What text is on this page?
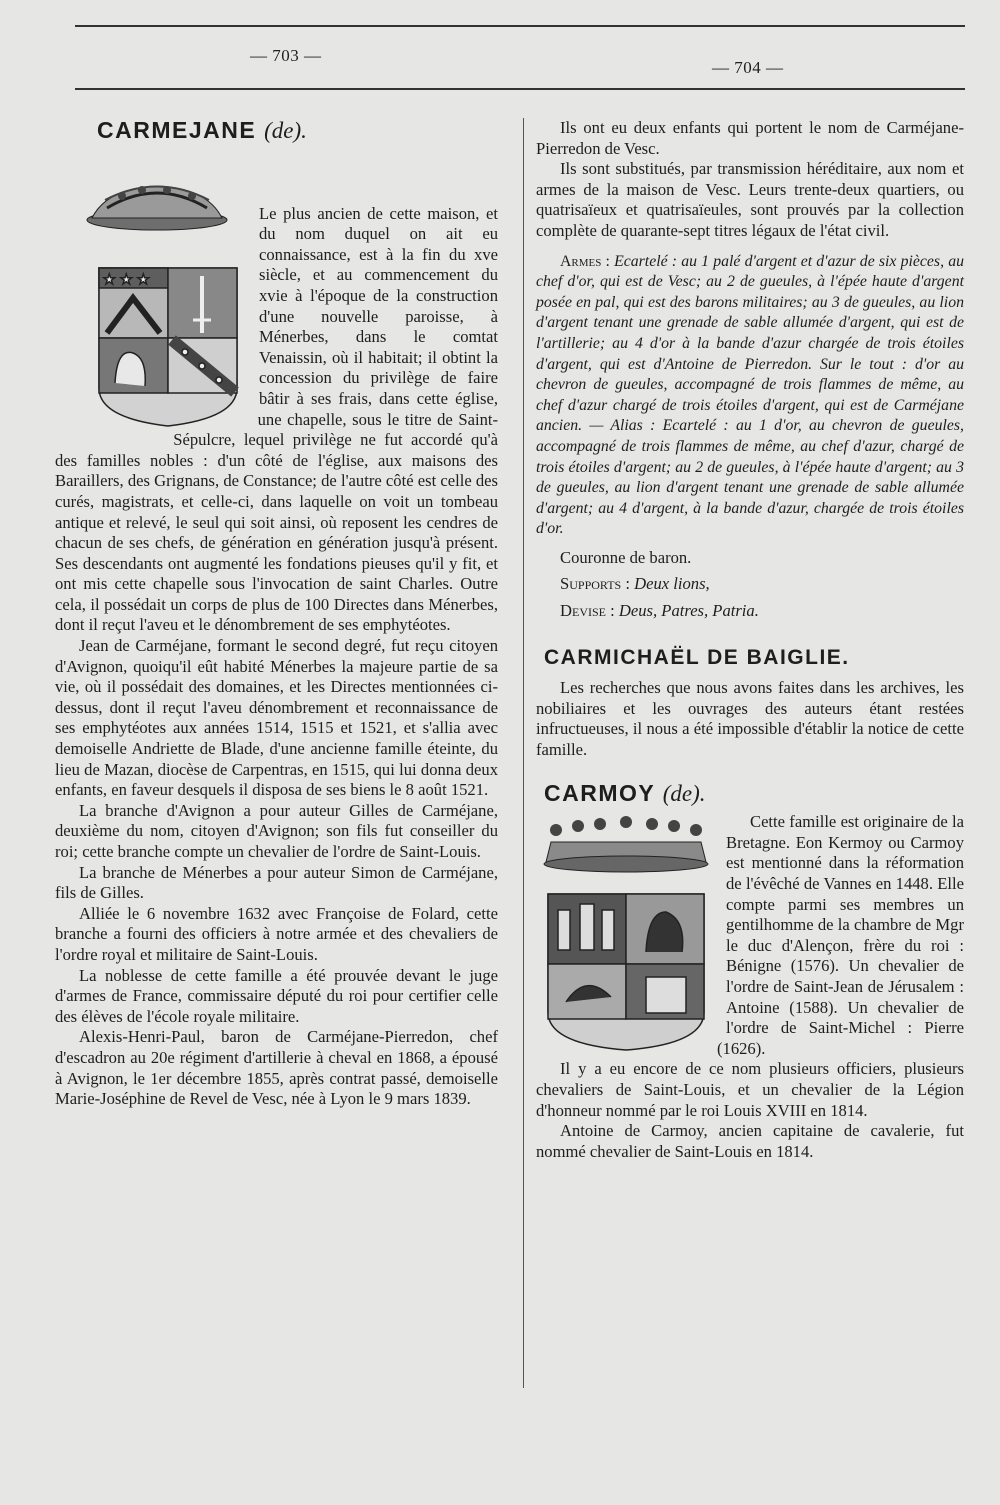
— 703 —
— 704 —
CARMEJANE (de).
★ ★ ★

Le plus ancien de cette maison, et du nom duquel on ait eu connaissance, est à la fin du xve siècle, et au commencement du xvie à l'époque de la construction d'une nouvelle paroisse, à Ménerbes, dans le comtat Venaissin, où il habitait; il obtint la concession du privilège de faire bâtir à ses frais, dans cette église, une chapelle, sous le titre de Saint-Sépulcre, lequel privilège ne fut accordé qu'à des familles nobles : d'un côté de l'église, aux maisons des Baraillers, des Grignans, de Constance; de l'autre côté est celle des curés, magistrats, et celle-ci, dans laquelle on voit un tombeau antique et relevé, le seul qui soit ainsi, où reposent les cendres de chacun de ses chefs, de génération en génération jusqu'à présent. Ses descendants ont augmenté les fondations pieuses qu'il y fit, et ont mis cette chapelle sous l'invocation de saint Charles. Outre cela, il possédait un corps de plus de 100 Directes dans Ménerbes, dont il reçut l'aveu et le dénombrement de ses emphytéotes.

Jean de Carméjane, formant le second degré, fut reçu citoyen d'Avignon, quoiqu'il eût habité Ménerbes la majeure partie de sa vie, où il possédait des domaines, et les Directes mentionnées ci-dessus, dont il reçut l'aveu dénombrement et reconnaissance de ses emphytéotes aux années 1514, 1515 et 1521, et s'allia avec demoiselle Andriette de Blade, d'une ancienne famille éteinte, du lieu de Mazan, diocèse de Carpentras, en 1515, qui lui donna deux enfants, en faveur desquels il disposa de ses biens le 8 août 1521.

La branche d'Avignon a pour auteur Gilles de Carméjane, deuxième du nom, citoyen d'Avignon; son fils fut conseiller du roi; cette branche compte un chevalier de l'ordre de Saint-Louis.

La branche de Ménerbes a pour auteur Simon de Carméjane, fils de Gilles.

Alliée le 6 novembre 1632 avec Françoise de Folard, cette branche a fourni des officiers à notre armée et des chevaliers de l'ordre royal et militaire de Saint-Louis.

La noblesse de cette famille a été prouvée devant le juge d'armes de France, commissaire député du roi pour certifier celle des élèves de l'école royale militaire.

Alexis-Henri-Paul, baron de Carméjane-Pierredon, chef d'escadron au 20e régiment d'artillerie à cheval en 1868, a épousé à Avignon, le 1er décembre 1855, après contrat passé, demoiselle Marie-Joséphine de Revel de Vesc, née à Lyon le 9 mars 1839.

Ils ont eu deux enfants qui portent le nom de Carméjane-Pierredon de Vesc.

Ils sont substitués, par transmission héréditaire, aux nom et armes de la maison de Vesc. Leurs trente-deux quartiers, ou quatrisaïeux et quatrisaïeules, sont prouvés par la collection complète de quarante-sept titres légaux de l'état civil.

Armes : Ecartelé : au 1 palé d'argent et d'azur de six pièces, au chef d'or, qui est de Vesc; au 2 de gueules, à l'épée haute d'argent posée en pal, qui est des barons militaires; au 3 de gueules, au lion d'argent tenant une grenade de sable allumée d'argent, qui est de l'artillerie; au 4 d'or à la bande d'azur chargée de trois étoiles d'argent, qui est d'Antoine de Pierredon. Sur le tout : d'or au chevron de gueules, accompagné de trois flammes de même, au chef d'azur chargé de trois étoiles d'argent, qui est de Carméjane ancien. — Alias : Ecartelé : au 1 d'or, au chevron de gueules, accompagné de trois flammes de même, au chef d'azur, chargé de trois étoiles d'argent; au 2 de gueules, à l'épée haute d'argent; au 3 de gueules, au lion d'argent tenant une grenade de sable allumée d'argent; au 4 d'argent, à la bande d'azur, chargée de trois étoiles d'or.

Couronne de baron.

Supports : Deux lions,

Devise : Deus, Patres, Patria.

CARMICHAËL DE BAIGLIE.

Les recherches que nous avons faites dans les archives, les nobiliaires et les ouvrages des auteurs étant restées infructueuses, il nous a été impossible d'établir la notice de cette famille.

CARMOY (de).

Cette famille est originaire de la Bretagne. Eon Kermoy ou Carmoy est mentionné dans la réformation de l'évêché de Vannes en 1448. Elle compte parmi ses membres un gentilhomme de la chambre de Mgr le duc d'Alençon, frère du roi : Bénigne (1576). Un chevalier de l'ordre de Saint-Jean de Jérusalem : Antoine (1588). Un chevalier de l'ordre de Saint-Michel : Pierre (1626).

Il y a eu encore de ce nom plusieurs officiers, plusieurs chevaliers de Saint-Louis, et un chevalier de la Légion d'honneur nommé par le roi Louis XVIII en 1814.

Antoine de Carmoy, ancien capitaine de cavalerie, fut nommé chevalier de Saint-Louis en 1814.
